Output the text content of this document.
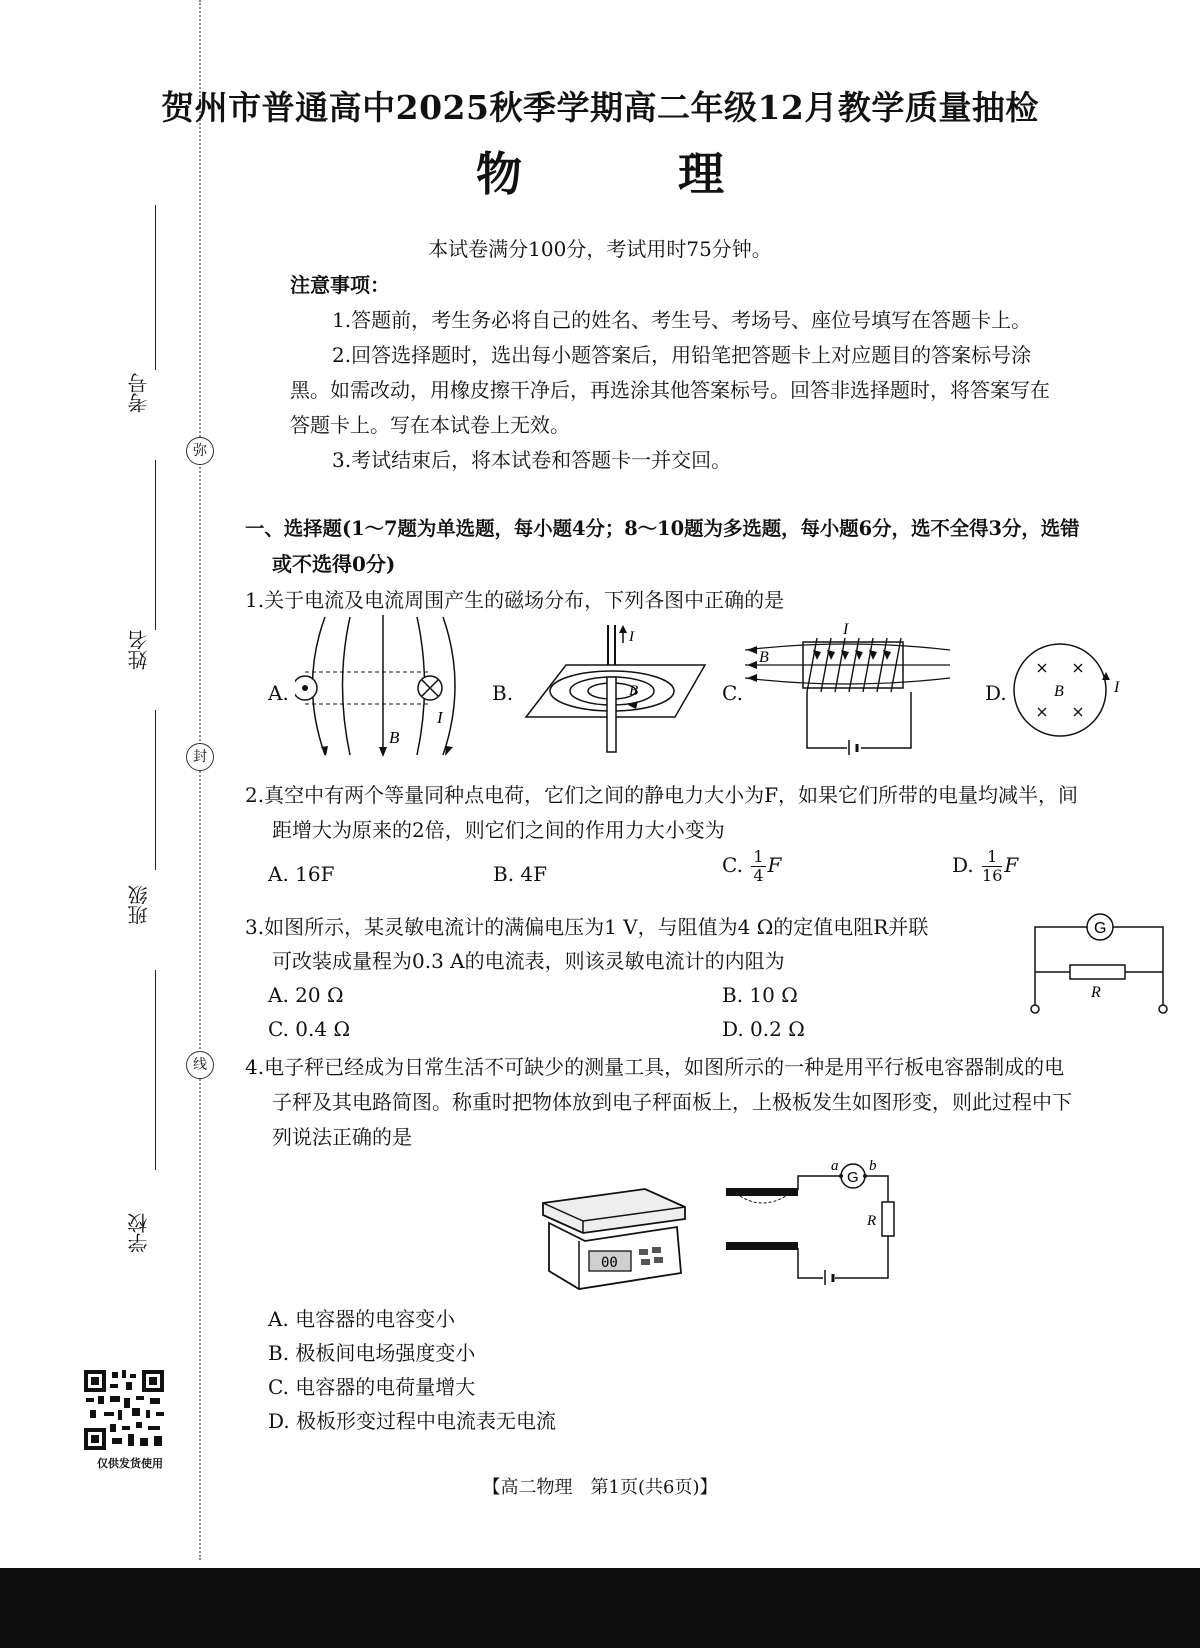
弥
封
线
考号
姓名
班级
学校
仅供发货使用
贺州市普通高中2025秋季学期高二年级12月教学质量抽检
物 理
本试卷满分100分，考试用时75分钟。
注意事项：
1.答题前，考生务必将自己的姓名、考生号、考场号、座位号填写在答题卡上。
2.回答选择题时，选出每小题答案后，用铅笔把答题卡上对应题目的答案标号涂
黑。如需改动，用橡皮擦干净后，再选涂其他答案标号。回答非选择题时，将答案写在
答题卡上。写在本试卷上无效。
3.考试结束后，将本试卷和答题卡一并交回。
一、选择题(1～7题为单选题，每小题4分；8～10题为多选题，每小题6分，选不全得3分，选错
或不选得0分)
1.关于电流及电流周围产生的磁场分布，下列各图中正确的是
A.
I
B
B.
I
B	C.
I
B
D.	B	I
2.真空中有两个等量同种点电荷，它们之间的静电力大小为F，如果它们所带的电量均减半，间
距增大为原来的2倍，则它们之间的作用力大小变为
A. 16F	B. 4F	C. $\frac{1}{4}$ F	D. $\frac{1}{16}$ F
3.如图所示，某灵敏电流计的满偏电压为1 V，与阻值为4 Ω的定值电阻R并联
可改装成量程为0.3 A的电流表，则该灵敏电流计的内阻为
A. 20 Ω	B. 10 Ω
C. 0.4 Ω	D. 0.2 Ω
G
R
4.电子秤已经成为日常生活不可缺少的测量工具，如图所示的一种是用平行板电容器制成的电
子秤及其电路简图。称重时把物体放到电子秤面板上，上极板发生如图形变，则此过程中下
列说法正确的是
00
G
a b
R
A. 电容器的电容变小
B. 极板间电场强度变小
C. 电容器的电荷量增大
D. 极板形变过程中电流表无电流
【高二物理　第1页(共6页)】
